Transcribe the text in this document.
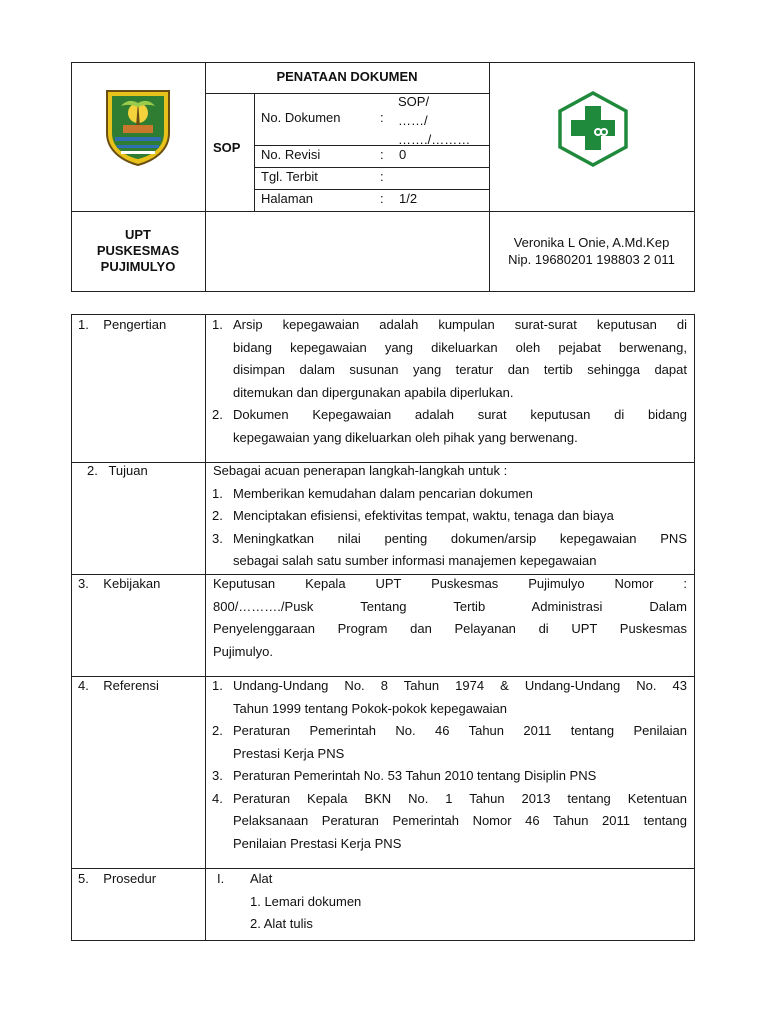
PENATAAN DOKUMEN
SOP
No. Dokumen	:
SOP/
……/
……./………
No. Revisi	: 0
Tgl. Terbit	:
Halaman	: 1/2
UPT
PUSKESMAS
PUJIMULYO
Veronika L Onie, A.Md.Kep
Nip. 19680201 198803 2 011
1.    Pengertian	1. Arsip kepegawaian adalah kumpulan surat-surat keputusan di
bidang kepegawaian yang dikeluarkan oleh pejabat berwenang,
disimpan dalam susunan yang teratur dan tertib sehingga dapat
ditemukan dan dipergunakan apabila diperlukan.
2. Dokumen Kepegawaian adalah surat keputusan di bidang
kepegawaian yang dikeluarkan oleh pihak yang berwenang.
2.   Tujuan	Sebagai acuan penerapan langkah-langkah untuk :
1. Memberikan kemudahan dalam pencarian dokumen
2. Menciptakan efisiensi, efektivitas tempat, waktu, tenaga dan biaya
3. Meningkatkan nilai penting dokumen/arsip kepegawaian PNS
sebagai salah satu sumber informasi manajemen kepegawaian
3.    Kebijakan	Keputusan Kepala UPT Puskesmas Pujimulyo Nomor :
800/………./Pusk Tentang Tertib Administrasi Dalam
Penyelenggaraan Program dan Pelayanan di UPT Puskesmas
Pujimulyo.
4.    Referensi	1. Undang-Undang No. 8 Tahun 1974 & Undang-Undang No. 43
Tahun 1999 tentang Pokok-pokok kepegawaian
2. Peraturan Pemerintah No. 46 Tahun 2011 tentang Penilaian
Prestasi Kerja PNS
3. Peraturan Pemerintah No. 53 Tahun 2010 tentang Disiplin PNS
4. Peraturan Kepala BKN No. 1 Tahun 2013 tentang Ketentuan
Pelaksanaan Peraturan Pemerintah Nomor 46 Tahun 2011 tentang
Penilaian Prestasi Kerja PNS
5.    Prosedur	I. Alat
1. Lemari dokumen
2. Alat tulis
